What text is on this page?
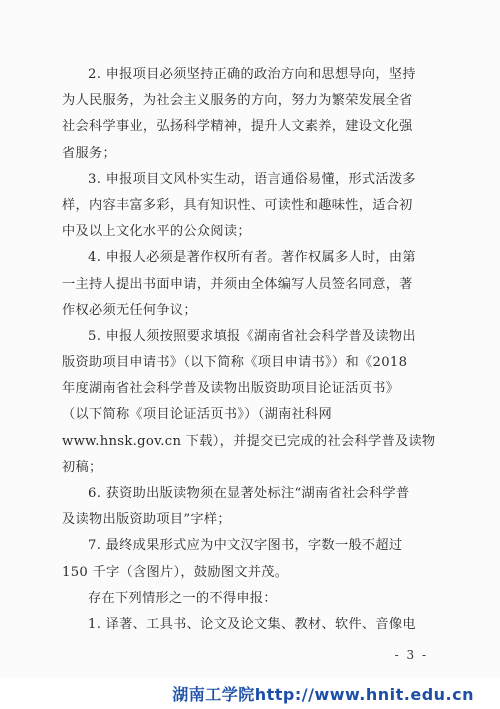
2. 申报项目必须坚持正确的政治方向和思想导向，坚持
为人民服务，为社会主义服务的方向，努力为繁荣发展全省
社会科学事业，弘扬科学精神，提升人文素养，建设文化强
省服务；
3. 申报项目文风朴实生动，语言通俗易懂，形式活泼多
样，内容丰富多彩，具有知识性、可读性和趣味性，适合初
中及以上文化水平的公众阅读；
4. 申报人必须是著作权所有者。著作权属多人时，由第
一主持人提出书面申请，并须由全体编写人员签名同意，著
作权必须无任何争议；
5. 申报人须按照要求填报《湖南省社会科学普及读物出
版资助项目申请书》（以下简称《项目申请书》）和《2018
年度湖南省社会科学普及读物出版资助项目论证活页书》
（以下简称《项目论证活页书》）（湖南社科网
www.hnsk.gov.cn 下载），并提交已完成的社会科学普及读物
初稿；
6. 获资助出版读物须在显著处标注“湖南省社会科学普
及读物出版资助项目”字样；
7. 最终成果形式应为中文汉字图书，字数一般不超过
150 千字（含图片），鼓励图文并茂。
存在下列情形之一的不得申报：
1. 译著、工具书、论文及论文集、教材、软件、音像电
- 3 -
湖南工学院http://www.hnit.edu.cn
